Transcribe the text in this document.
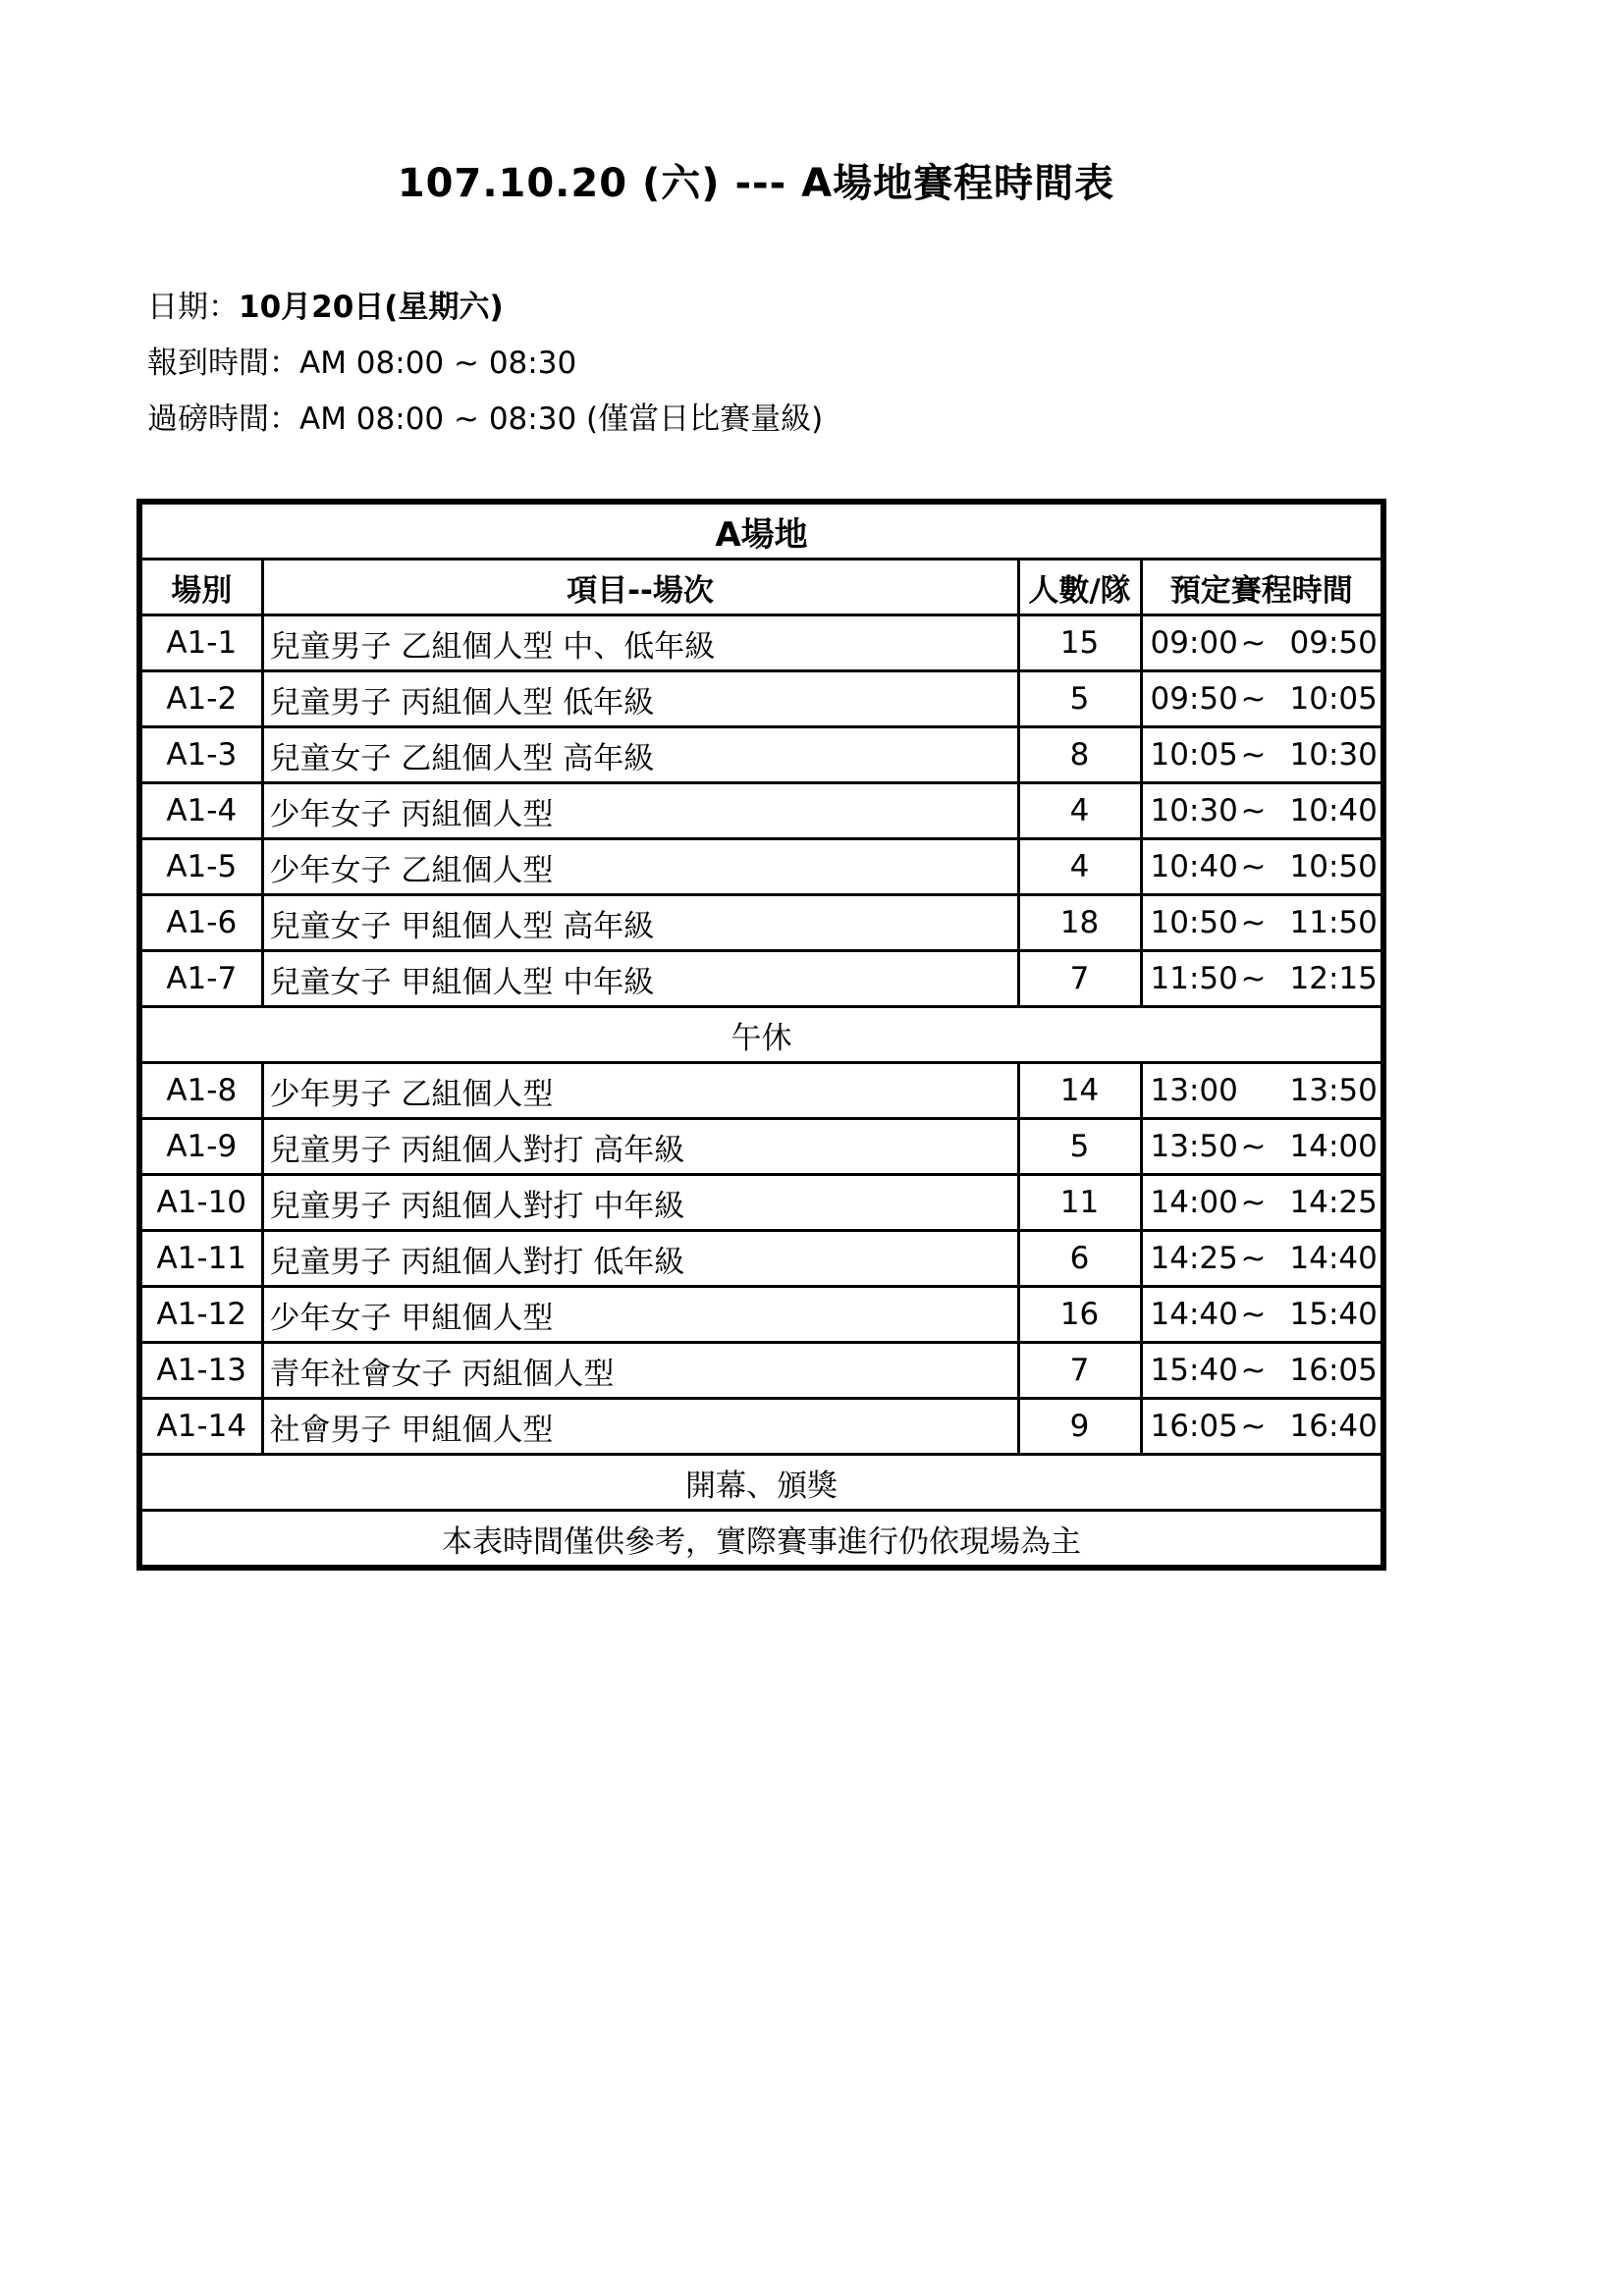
107.10.20 (六) --- A場地賽程時間表
日期：10月20日(星期六)
報到時間：AM 08:00 ~ 08:30
過磅時間：AM 08:00 ~ 08:30 (僅當日比賽量級)
A場地			
場別	項目--場次	人數/隊	預定賽程時間
A1-1	兒童男子 乙組個人型 中、低年級	15	09:00~ 09:50
A1-2	兒童男子 丙組個人型 低年級	5	09:50~ 10:05
A1-3	兒童女子 乙組個人型 高年級	8	10:05~ 10:30
A1-4	少年女子 丙組個人型	4	10:30~ 10:40
A1-5	少年女子 乙組個人型	4	10:40~ 10:50
A1-6	兒童女子 甲組個人型 高年級	18	10:50~ 11:50
A1-7	兒童女子 甲組個人型 中年級	7	11:50~ 12:15
午休			
A1-8	少年男子 乙組個人型	14	13:00 13:50
A1-9	兒童男子 丙組個人對打 高年級	5	13:50~ 14:00
A1-10	兒童男子 丙組個人對打 中年級	11	14:00~ 14:25
A1-11	兒童男子 丙組個人對打 低年級	6	14:25~ 14:40
A1-12	少年女子 甲組個人型	16	14:40~ 15:40
A1-13	青年社會女子 丙組個人型	7	15:40~ 16:05
A1-14	社會男子 甲組個人型	9	16:05~ 16:40
開幕、頒獎			
本表時間僅供參考，實際賽事進行仍依現場為主			
